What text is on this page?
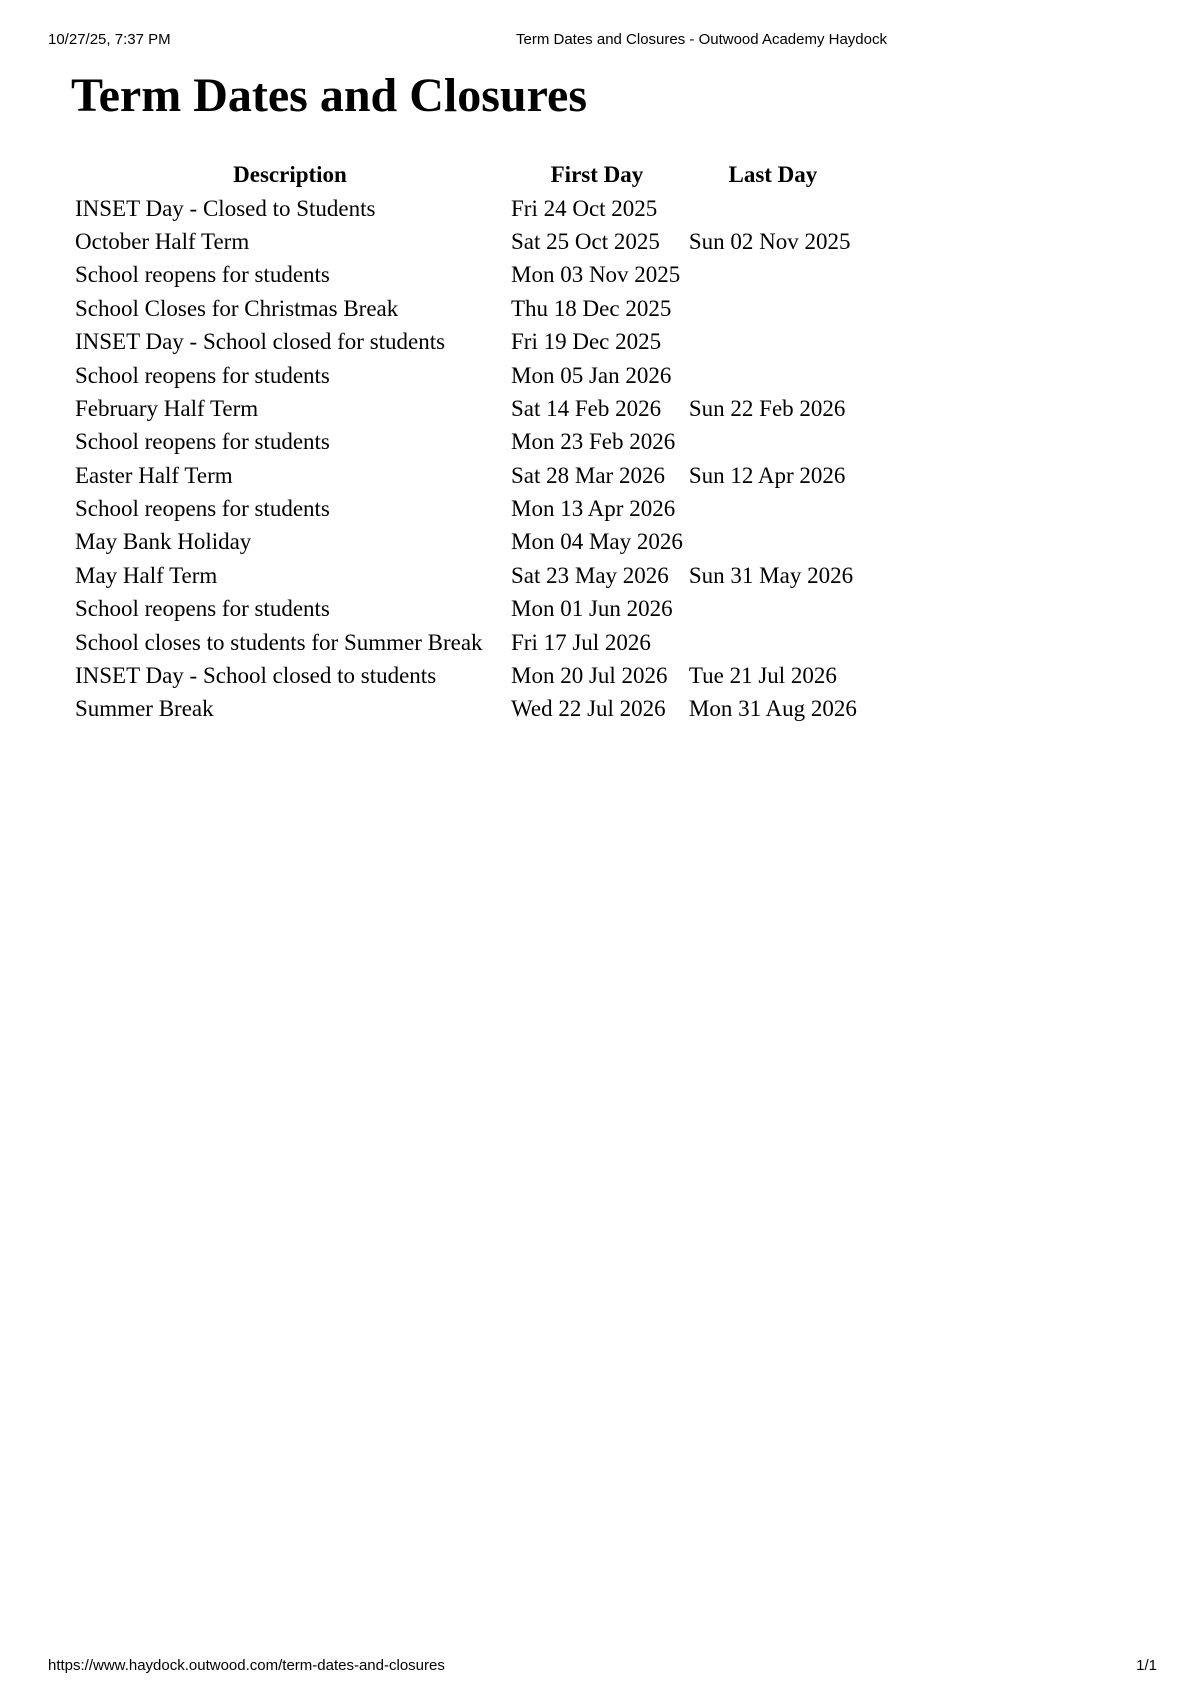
10/27/25, 7:37 PM	Term Dates and Closures - Outwood Academy Haydock
Term Dates and Closures
Description	First Day	Last Day
INSET Day - Closed to Students	Fri 24 Oct 2025	
October Half Term	Sat 25 Oct 2025	Sun 02 Nov 2025
School reopens for students	Mon 03 Nov 2025	
School Closes for Christmas Break	Thu 18 Dec 2025	
INSET Day - School closed for students	Fri 19 Dec 2025	
School reopens for students	Mon 05 Jan 2026	
February Half Term	Sat 14 Feb 2026	Sun 22 Feb 2026
School reopens for students	Mon 23 Feb 2026	
Easter Half Term	Sat 28 Mar 2026	Sun 12 Apr 2026
School reopens for students	Mon 13 Apr 2026	
May Bank Holiday	Mon 04 May 2026	
May Half Term	Sat 23 May 2026	Sun 31 May 2026
School reopens for students	Mon 01 Jun 2026	
School closes to students for Summer Break	Fri 17 Jul 2026	
INSET Day - School closed to students	Mon 20 Jul 2026	Tue 21 Jul 2026
Summer Break	Wed 22 Jul 2026	Mon 31 Aug 2026
https://www.haydock.outwood.com/term-dates-and-closures	1/1
